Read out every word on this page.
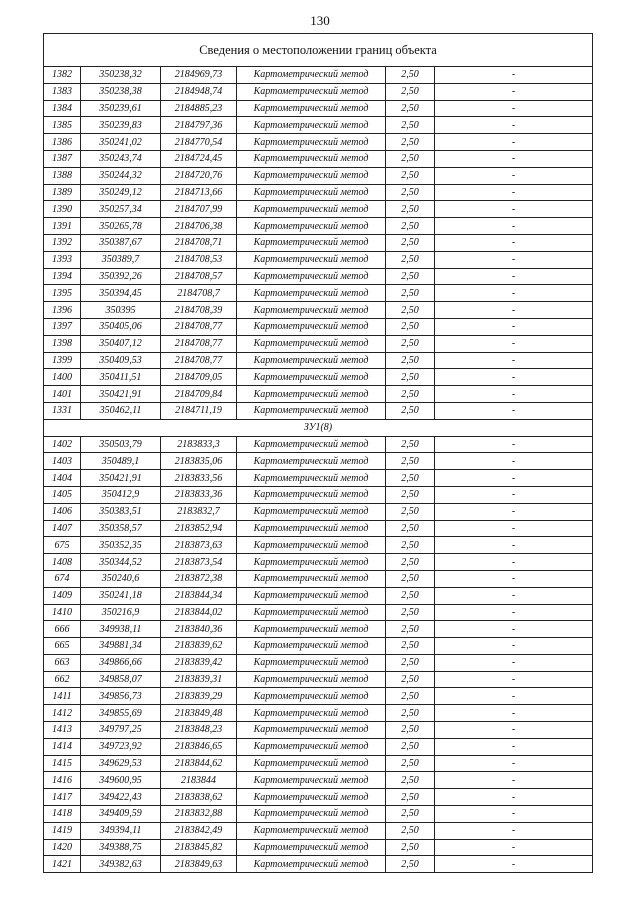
130
Сведения о местоположении границ объекта					
1382	350238,32	2184969,73	Картометрический метод	2,50	-
1383	350238,38	2184948,74	Картометрический метод	2,50	-
1384	350239,61	2184885,23	Картометрический метод	2,50	-
1385	350239,83	2184797,36	Картометрический метод	2,50	-
1386	350241,02	2184770,54	Картометрический метод	2,50	-
1387	350243,74	2184724,45	Картометрический метод	2,50	-
1388	350244,32	2184720,76	Картометрический метод	2,50	-
1389	350249,12	2184713,66	Картометрический метод	2,50	-
1390	350257,34	2184707,99	Картометрический метод	2,50	-
1391	350265,78	2184706,38	Картометрический метод	2,50	-
1392	350387,67	2184708,71	Картометрический метод	2,50	-
1393	350389,7	2184708,53	Картометрический метод	2,50	-
1394	350392,26	2184708,57	Картометрический метод	2,50	-
1395	350394,45	2184708,7	Картометрический метод	2,50	-
1396	350395	2184708,39	Картометрический метод	2,50	-
1397	350405,06	2184708,77	Картометрический метод	2,50	-
1398	350407,12	2184708,77	Картометрический метод	2,50	-
1399	350409,53	2184708,77	Картометрический метод	2,50	-
1400	350411,51	2184709,05	Картометрический метод	2,50	-
1401	350421,91	2184709,84	Картометрический метод	2,50	-
1331	350462,11	2184711,19	Картометрический метод	2,50	-
ЗУ1(8)					
1402	350503,79	2183833,3	Картометрический метод	2,50	-
1403	350489,1	2183835,06	Картометрический метод	2,50	-
1404	350421,91	2183833,56	Картометрический метод	2,50	-
1405	350412,9	2183833,36	Картометрический метод	2,50	-
1406	350383,51	2183832,7	Картометрический метод	2,50	-
1407	350358,57	2183852,94	Картометрический метод	2,50	-
675	350352,35	2183873,63	Картометрический метод	2,50	-
1408	350344,52	2183873,54	Картометрический метод	2,50	-
674	350240,6	2183872,38	Картометрический метод	2,50	-
1409	350241,18	2183844,34	Картометрический метод	2,50	-
1410	350216,9	2183844,02	Картометрический метод	2,50	-
666	349938,11	2183840,36	Картометрический метод	2,50	-
665	349881,34	2183839,62	Картометрический метод	2,50	-
663	349866,66	2183839,42	Картометрический метод	2,50	-
662	349858,07	2183839,31	Картометрический метод	2,50	-
1411	349856,73	2183839,29	Картометрический метод	2,50	-
1412	349855,69	2183849,48	Картометрический метод	2,50	-
1413	349797,25	2183848,23	Картометрический метод	2,50	-
1414	349723,92	2183846,65	Картометрический метод	2,50	-
1415	349629,53	2183844,62	Картометрический метод	2,50	-
1416	349600,95	2183844	Картометрический метод	2,50	-
1417	349422,43	2183838,62	Картометрический метод	2,50	-
1418	349409,59	2183832,88	Картометрический метод	2,50	-
1419	349394,11	2183842,49	Картометрический метод	2,50	-
1420	349388,75	2183845,82	Картометрический метод	2,50	-
1421	349382,63	2183849,63	Картометрический метод	2,50	-
